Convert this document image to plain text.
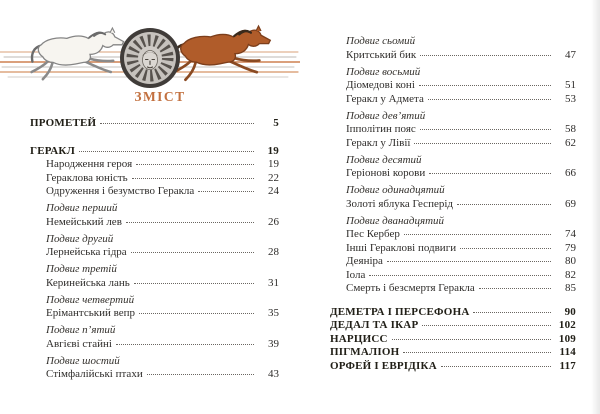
ЗМІСТ
ПРОМЕТЕЙ	5
ГЕРАКЛ	19
Народження героя	19
Гераклова юність	22
Одруження і безумство Геракла	24
Подвиг перший
Немейський лев	26
Подвиг другий
Лернейська гідра	28
Подвиг третій
Керинейська лань	31
Подвиг четвертий
Ерімантський вепр	35
Подвиг п’ятий
Авгієві стайні	39
Подвиг шостий
Стімфалійські птахи	43
Подвиг сьомий
Критський бик	47
Подвиг восьмий
Діомедові коні	51
Геракл у Адмета	53
Подвиг дев’ятий
Іпполітин пояс	58
Геракл у Лівії	62
Подвиг десятий
Геріонові корови	66
Подвиг одинадцятий
Золоті яблука Гесперід	69
Подвиг дванадцятий
Пес Кербер	74
Інші Гераклові подвиги	79
Деяніра	80
Іола	82
Смерть і безсмертя Геракла	85
ДЕМЕТРА І ПЕРСЕФОНА	90
ДЕДАЛ ТА ІКАР	102
НАРЦИСС	109
ПІГМАЛІОН	114
ОРФЕЙ І ЕВРІДІКА	117
